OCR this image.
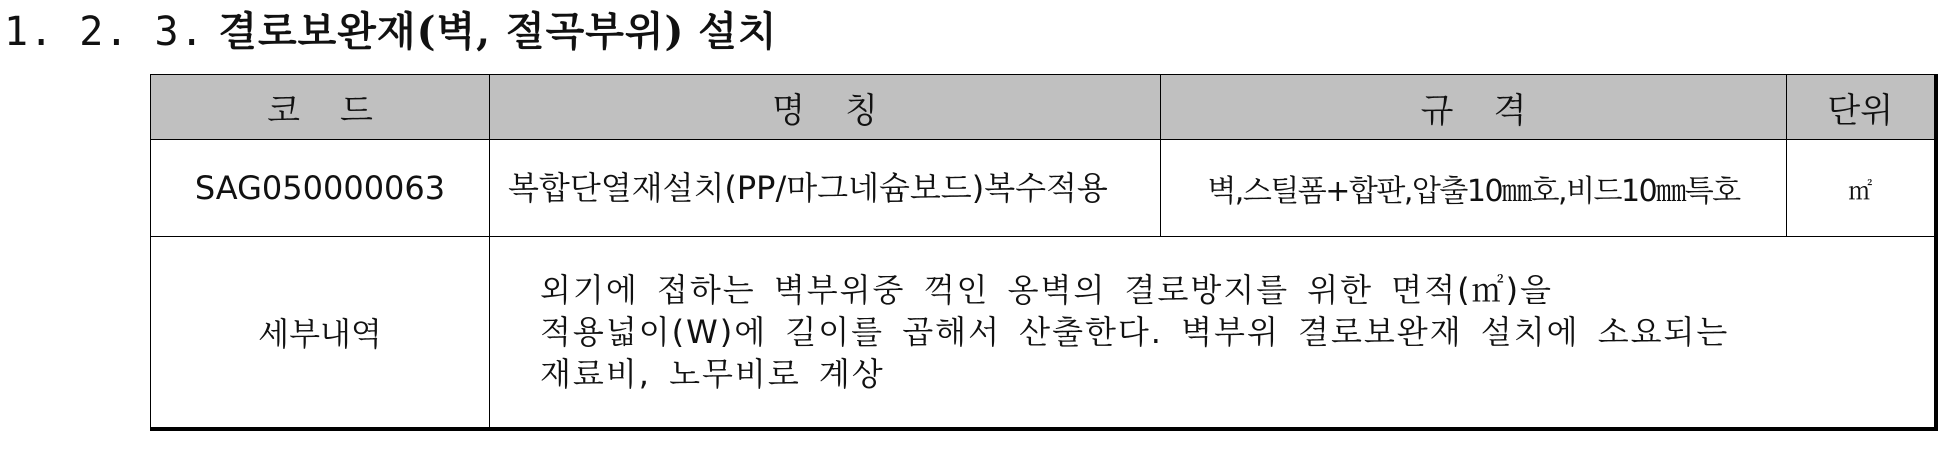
1. 2. 3. 결로보완재(벽, 절곡부위) 설치
코 드	명 칭	규 격	단위
SAG050000063	복합단열재설치(PP/마그네슘보드)복수적용	벽,스틸폼+합판,압출10㎜호,비드10㎜특호	㎡
세부내역	외기에 접하는 벽부위중 꺽인 옹벽의 결로방지를 위한 면적(㎡)을
적용넓이(W)에 길이를 곱해서 산출한다. 벽부위 결로보완재 설치에 소요되는
재료비, 노무비로 계상		
